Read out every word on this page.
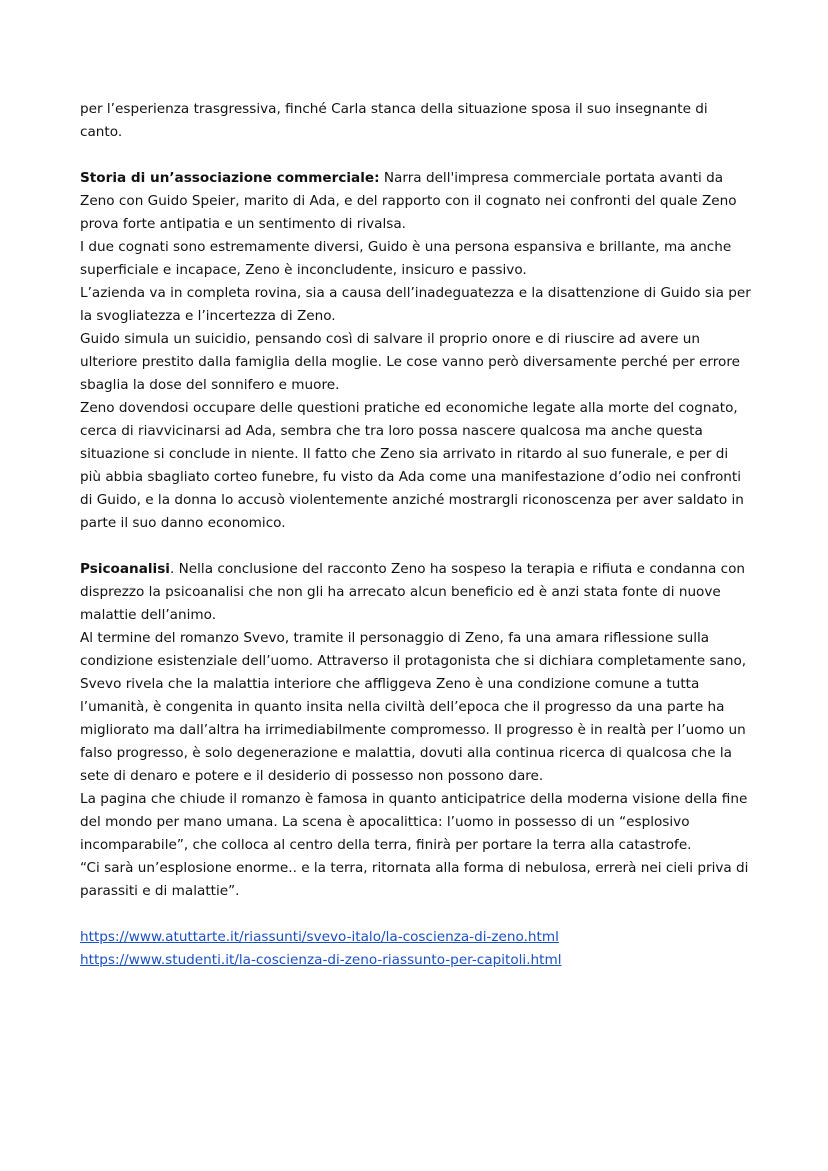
per l’esperienza trasgressiva, finché Carla stanca della situazione sposa il suo insegnante di canto.

Storia di un’associazione commerciale: Narra dell'impresa commerciale portata avanti da Zeno con Guido Speier, marito di Ada, e del rapporto con il cognato nei confronti del quale Zeno prova forte antipatia e un sentimento di rivalsa.

I due cognati sono estremamente diversi, Guido è una persona espansiva e brillante, ma anche superficiale e incapace, Zeno è inconcludente, insicuro e passivo.

L’azienda va in completa rovina, sia a causa dell’inadeguatezza e la disattenzione di Guido sia per la svogliatezza e l’incertezza di Zeno.

Guido simula un suicidio, pensando così di salvare il proprio onore e di riuscire ad avere un ulteriore prestito dalla famiglia della moglie. Le cose vanno però diversamente perché per errore sbaglia la dose del sonnifero e muore.

Zeno dovendosi occupare delle questioni pratiche ed economiche legate alla morte del cognato, cerca di riavvicinarsi ad Ada, sembra che tra loro possa nascere qualcosa ma anche questa situazione si conclude in niente. Il fatto che Zeno sia arrivato in ritardo al suo funerale, e per di più abbia sbagliato corteo funebre, fu visto da Ada come una manifestazione d’odio nei confronti di Guido, e la donna lo accusò violentemente anziché mostrargli riconoscenza per aver saldato in parte il suo danno economico.

Psicoanalisi. Nella conclusione del racconto Zeno ha sospeso la terapia e rifiuta e condanna con disprezzo la psicoanalisi che non gli ha arrecato alcun beneficio ed è anzi stata fonte di nuove malattie dell’animo.

Al termine del romanzo Svevo, tramite il personaggio di Zeno, fa una amara riflessione sulla condizione esistenziale dell’uomo. Attraverso il protagonista che si dichiara completamente sano, Svevo rivela che la malattia interiore che affliggeva Zeno è una condizione comune a tutta l’umanità, è congenita in quanto insita nella civiltà dell’epoca che il progresso da una parte ha migliorato ma dall’altra ha irrimediabilmente compromesso. Il progresso è in realtà per l’uomo un falso progresso, è solo degenerazione e malattia, dovuti alla continua ricerca di qualcosa che la sete di denaro e potere e il desiderio di possesso non possono dare.

La pagina che chiude il romanzo è famosa in quanto anticipatrice della moderna visione della fine del mondo per mano umana. La scena è apocalittica: l’uomo in possesso di un “esplosivo incomparabile”, che colloca al centro della terra, finirà per portare la terra alla catastrofe.

“Ci sarà un’esplosione enorme.. e la terra, ritornata alla forma di nebulosa, errerà nei cieli priva di parassiti e di malattie”.

https://www.atuttarte.it/riassunti/svevo-italo/la-coscienza-di-zeno.html
https://www.studenti.it/la-coscienza-di-zeno-riassunto-per-capitoli.html
